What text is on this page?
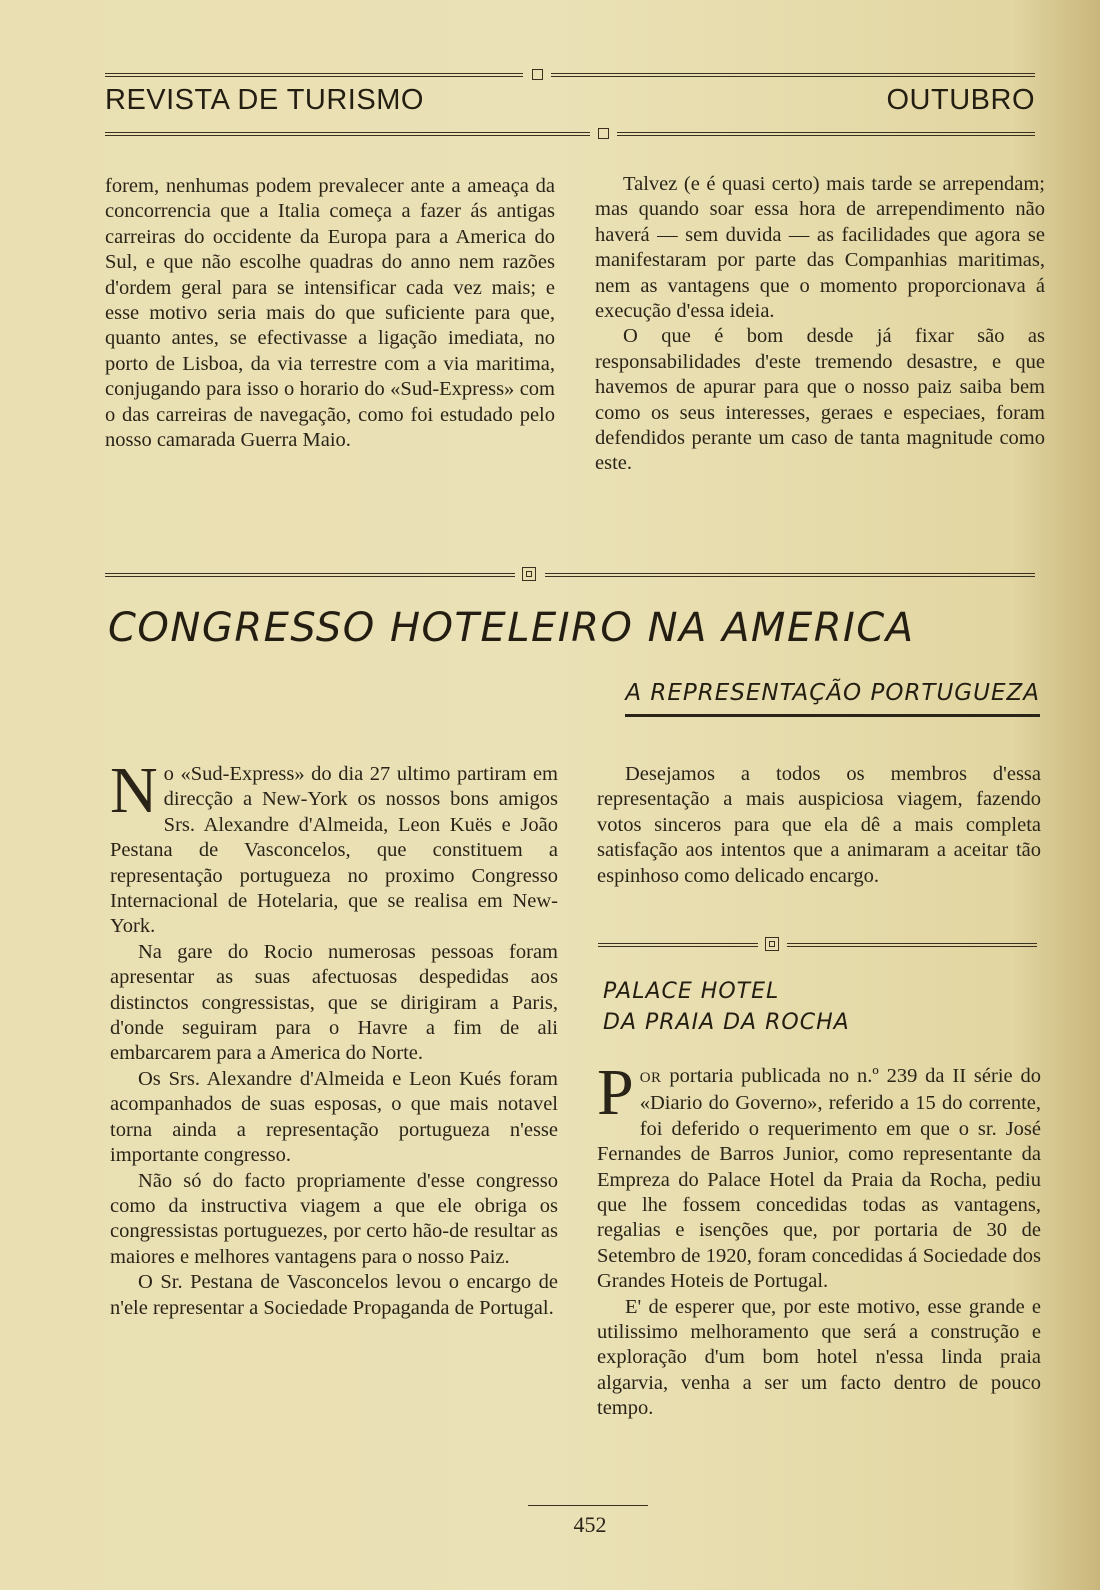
REVISTA DE TURISMO	OUTUBRO

forem, nenhumas podem prevalecer ante a ameaça da concorrencia que a Italia começa a fazer ás antigas carreiras do occidente da Europa para a America do Sul, e que não escolhe quadras do anno nem razões d'ordem geral para se intensificar cada vez mais; e esse motivo seria mais do que suficiente para que, quanto antes, se efectivasse a ligação imediata, no porto de Lisboa, da via terrestre com a via maritima, conjugando para isso o horario do «Sud-Express» com o das carreiras de navegação, como foi estudado pelo nosso camarada Guerra Maio.

Talvez (e é quasi certo) mais tarde se arrependam; mas quando soar essa hora de arrependimento não haverá — sem duvida — as facilidades que agora se manifestaram por parte das Companhias maritimas, nem as vantagens que o momento proporcionava á execução d'essa ideia.

O que é bom desde já fixar são as responsabilidades d'este tremendo desastre, e que havemos de apurar para que o nosso paiz saiba bem como os seus interesses, geraes e especiaes, foram defendidos perante um caso de tanta magnitude como este.

CONGRESSO HOTELEIRO NA AMERICA
A REPRESENTAÇÃO PORTUGUEZA

No «Sud-Express» do dia 27 ultimo partiram em direcção a New-York os nossos bons amigos Srs. Alexandre d'Almeida, Leon Kuës e João Pestana de Vasconcelos, que constituem a representação portugueza no proximo Congresso Internacional de Hotelaria, que se realisa em New-York.

Na gare do Rocio numerosas pessoas foram apresentar as suas afectuosas despedidas aos distinctos congressistas, que se dirigiram a Paris, d'onde seguiram para o Havre a fim de ali embarcarem para a America do Norte.

Os Srs. Alexandre d'Almeida e Leon Kués foram acompanhados de suas esposas, o que mais notavel torna ainda a representação portugueza n'esse importante congresso.

Não só do facto propriamente d'esse congresso como da instructiva viagem a que ele obriga os congressistas portuguezes, por certo hão-de resultar as maiores e melhores vantagens para o nosso Paiz.

O Sr. Pestana de Vasconcelos levou o encargo de n'ele representar a Sociedade Propaganda de Portugal.

Desejamos a todos os membros d'essa representação a mais auspiciosa viagem, fazendo votos sinceros para que ela dê a mais completa satisfação aos intentos que a animaram a aceitar tão espinhoso como delicado encargo.

PALACE HOTEL
DA PRAIA DA ROCHA

POR portaria publicada no n.º 239 da II série do «Diario do Governo», referido a 15 do corrente, foi deferido o requerimento em que o sr. José Fernandes de Barros Junior, como representante da Empreza do Palace Hotel da Praia da Rocha, pediu que lhe fossem concedidas todas as vantagens, regalias e isenções que, por portaria de 30 de Setembro de 1920, foram concedidas á Sociedade dos Grandes Hoteis de Portugal.

E' de esperer que, por este motivo, esse grande e utilissimo melhoramento que será a construção e exploração d'um bom hotel n'essa linda praia algarvia, venha a ser um facto dentro de pouco tempo.

452
